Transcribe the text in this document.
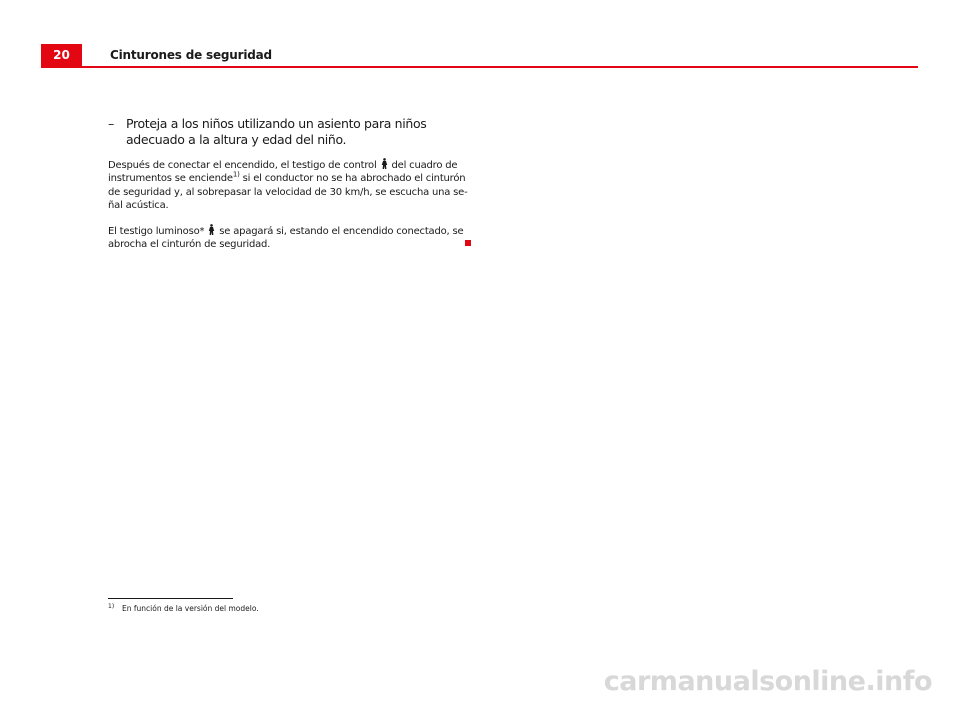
20	Cinturones de seguridad
– Proteja a los niños utilizando un asiento para niños adecuado a la altura y edad del niño.
Después de conectar el encendido, el testigo de control del cuadro de instrumentos se enciende$^{1)}$ si el conductor no se ha abrochado el cinturón de seguridad y, al sobrepasar la velocidad de 30 km/h, se escucha una se-ñal acústica.
El testigo luminoso* se apagará si, estando el encendido conectado, se abrocha el cinturón de seguridad.
1) En función de la versión del modelo.
carmanualsonline.info
